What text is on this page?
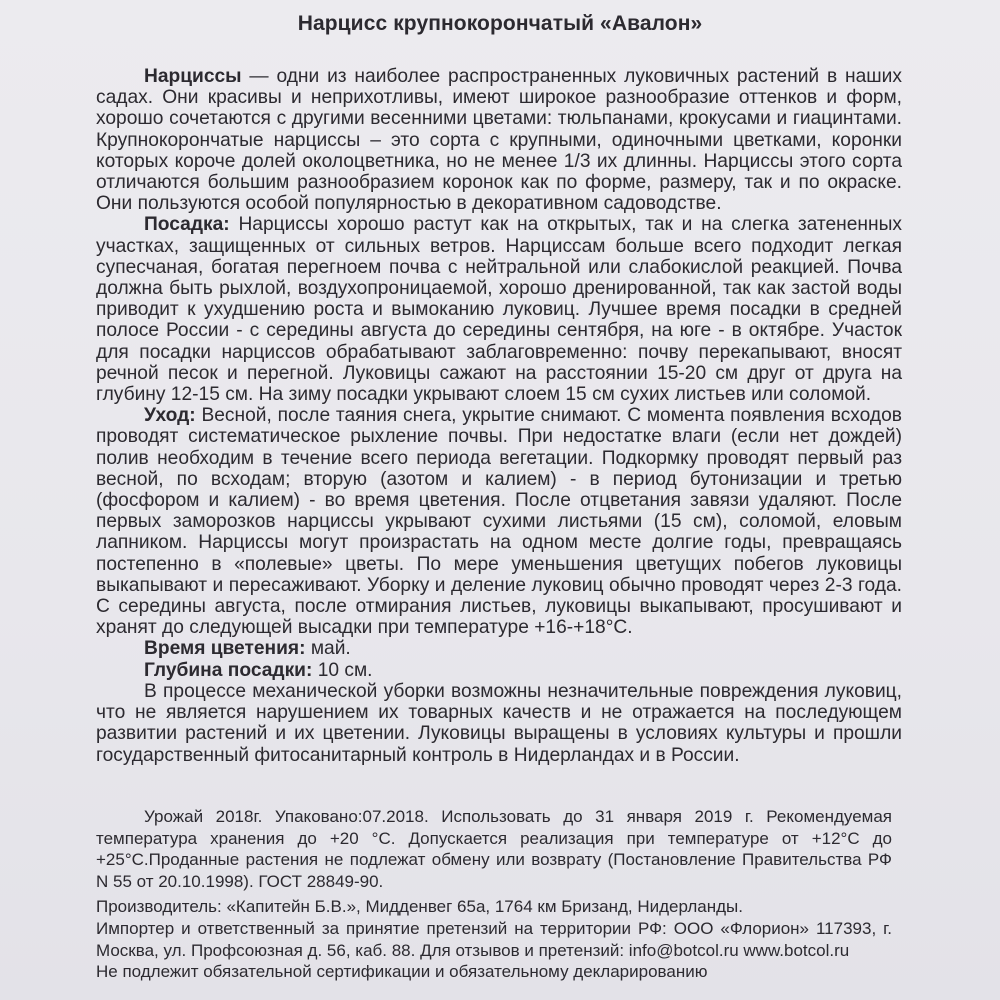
Нарцисс крупнокорончатый «Авалон»

Нарциссы — одни из наиболее распространенных луковичных растений в наших садах. Они красивы и неприхотливы, имеют широкое разнообразие оттенков и форм, хорошо сочетаются с другими весенними цветами: тюльпанами, крокусами и гиацинтами. Крупнокорончатые нарциссы – это сорта с крупными, одиночными цветками, коронки которых короче долей околоцветника, но не менее 1/3 их длинны. Нарциссы этого сорта отличаются большим разнообразием коронок как по форме, размеру, так и по окраске. Они пользуются особой популярностью в декоративном садоводстве.

Посадка: Нарциссы хорошо растут как на открытых, так и на слегка затененных участках, защищенных от сильных ветров. Нарциссам больше всего подходит легкая супесчаная, богатая перегноем почва с нейтральной или слабокислой реакцией. Почва должна быть рыхлой, воздухопроницаемой, хорошо дренированной, так как застой воды приводит к ухудшению роста и вымоканию луковиц. Лучшее время посадки в средней полосе России - с середины августа до середины сентября, на юге - в октябре. Участок для посадки нарциссов обрабатывают заблаговременно: почву перекапывают, вносят речной песок и перегной. Луковицы сажают на расстоянии 15-20 см друг от друга на глубину 12-15 см. На зиму посадки укрывают слоем 15 см сухих листьев или соломой.

Уход: Весной, после таяния снега, укрытие снимают. С момента появления всходов проводят систематическое рыхление почвы. При недостатке влаги (если нет дождей) полив необходим в течение всего периода вегетации. Подкормку проводят первый раз весной, по всходам; вторую (азотом и калием) - в период бутонизации и третью (фосфором и калием) - во время цветения. После отцветания завязи удаляют. После первых заморозков нарциссы укрывают сухими листьями (15 см), соломой, еловым лапником. Нарциссы могут произрастать на одном месте долгие годы, превращаясь постепенно в «полевые» цветы. По мере уменьшения цветущих побегов луковицы выкапывают и пересаживают. Уборку и деление луковиц обычно проводят через 2-3 года. С середины августа, после отмирания листьев, луковицы выкапывают, просушивают и хранят до следующей высадки при температуре +16-+18°С.

Время цветения: май.

Глубина посадки: 10 см.

В процессе механической уборки возможны незначительные повреждения луковиц, что не является нарушением их товарных качеств и не отражается на последующем развитии растений и их цветении. Луковицы выращены в условиях культуры и прошли государственный фитосанитарный контроль в Нидерландах и в России.

Урожай 2018г. Упаковано:07.2018. Использовать до 31 января 2019 г. Рекомендуемая температура хранения до +20 °С. Допускается реализация при температуре от +12°С до +25°С.Проданные растения не подлежат обмену или возврату (Постановление Правительства РФ N 55 от 20.10.1998). ГОСТ 28849-90.

Производитель: «Капитейн Б.В.», Мидденвег 65а, 1764 км Бризанд, Нидерланды.

Импортер и ответственный за принятие претензий на территории РФ: ООО «Флорион» 117393, г. Москва, ул. Профсоюзная д. 56, каб. 88. Для отзывов и претензий: info@botcol.ru www.botcol.ru

Не подлежит обязательной сертификации и обязательному декларированию
